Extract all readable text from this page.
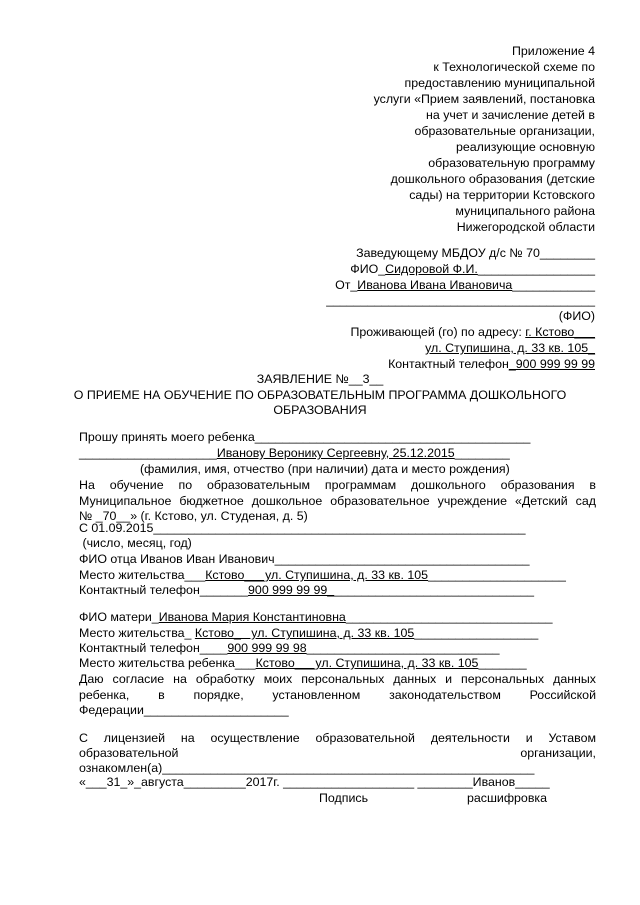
Приложение 4
к Технологической схеме по
предоставлению муниципальной
услуги «Прием заявлений, постановка
на учет и зачисление детей в
образовательные организации,
реализующие основную
образовательную программу
дошкольного образования (детские
сады) на территории Кстовского
муниципального района
Нижегородской области
Заведующему МБДОУ д/с № 70________
ФИО_Сидоровой Ф.И._________________
От_Иванова Ивана Ивановича____________
_______________________________________
(ФИО)
Проживающей (го) по адресу: г. Кстово___
ул. Ступишина, д. 33 кв. 105_
Контактный телефон_900 999 99 99
ЗАЯВЛЕНИЕ №__3__
О ПРИЕМЕ НА ОБУЧЕНИЕ ПО ОБРАЗОВАТЕЛЬНЫМ ПРОГРАММА ДОШКОЛЬНОГО
ОБРАЗОВАНИЯ
Прошу принять моего ребенка________________________________________
____________________Иванову Веронику Сергеевну, 25.12.2015________
(фамилия, имя, отчество (при наличии) дата и место рождения)
На обучение по образовательным программам дошкольного образования в
Муниципальное бюджетное дошкольное образовательное учреждение «Детский сад
№ _70__» (г. Кстово, ул. Студеная, д. 5)
С 01.09.2015______________________________________________________
(число, месяц, год)
ФИО отца Иванов Иван Иванович_____________________________________
Место жительства___Кстово___ул. Ступишина, д. 33 кв. 105____________________
Контактный телефон_______900 999 99 99______________________________
ФИО матери_Иванова Мария Константиновна______________________________
Место жительства_ Кстово_   ул. Ступишина, д. 33 кв. 105__________________
Контактный телефон____900 999 99 98____________________________
Место жительства ребенка___Кстово___ул. Ступишина, д. 33 кв. 105_______
Даю согласие на обработку моих персональных данных и персональных данных
ребенка, в порядке, установленном законодательством Российской
Федерации_____________________
С лицензией на осуществление образовательной деятельности и Уставом
образовательной организации,
ознакомлен(а)______________________________________________________
«___31_»_августа_________2017г. ___________________ ________Иванов_____
Подпись	расшифровка
